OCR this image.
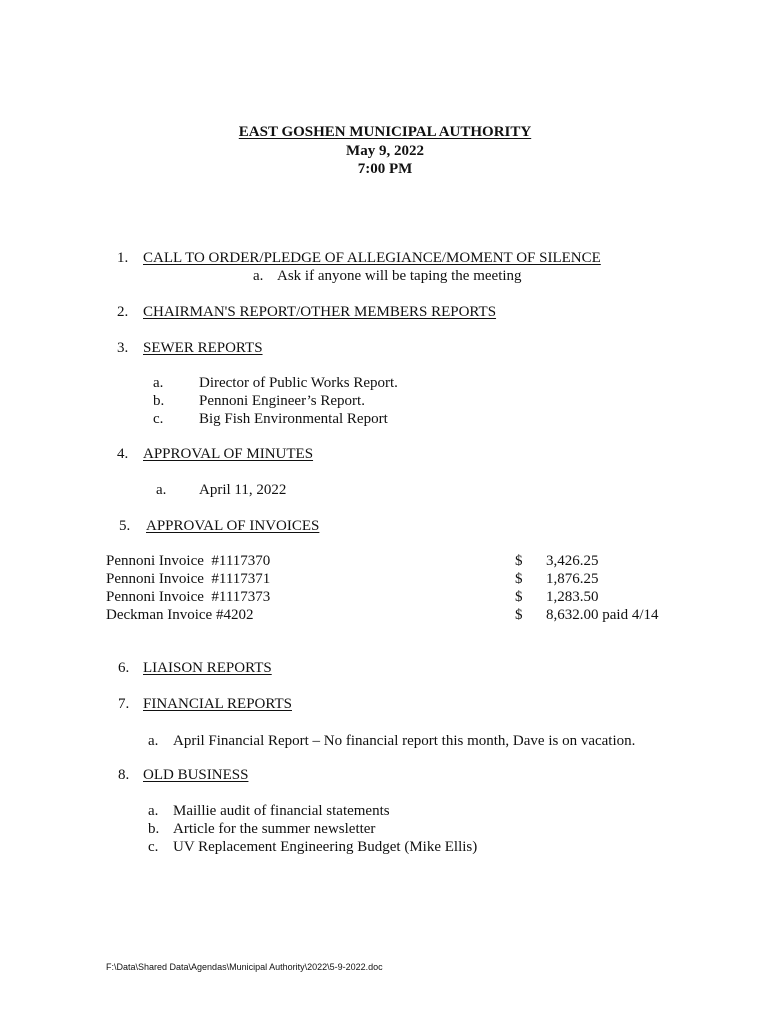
EAST GOSHEN MUNICIPAL AUTHORITY
May 9, 2022
7:00 PM
1. CALL TO ORDER/PLEDGE OF ALLEGIANCE/MOMENT OF SILENCE
a. Ask if anyone will be taping the meeting
2. CHAIRMAN'S REPORT/OTHER MEMBERS REPORTS
3. SEWER REPORTS
a. Director of Public Works Report.
b. Pennoni Engineer’s Report.
c. Big Fish Environmental Report
4. APPROVAL OF MINUTES
a. April 11, 2022
5. APPROVAL OF INVOICES
Pennoni Invoice  #1117370	$ 3,426.25
Pennoni Invoice  #1117371	$ 1,876.25
Pennoni Invoice  #1117373	$ 1,283.50
Deckman Invoice #4202	$ 8,632.00 paid 4/14
6. LIAISON REPORTS
7. FINANCIAL REPORTS
a. April Financial Report – No financial report this month, Dave is on vacation.
8. OLD BUSINESS
a. Maillie audit of financial statements
b. Article for the summer newsletter
c. UV Replacement Engineering Budget (Mike Ellis)
F:\Data\Shared Data\Agendas\Municipal Authority\2022\5-9-2022.doc
